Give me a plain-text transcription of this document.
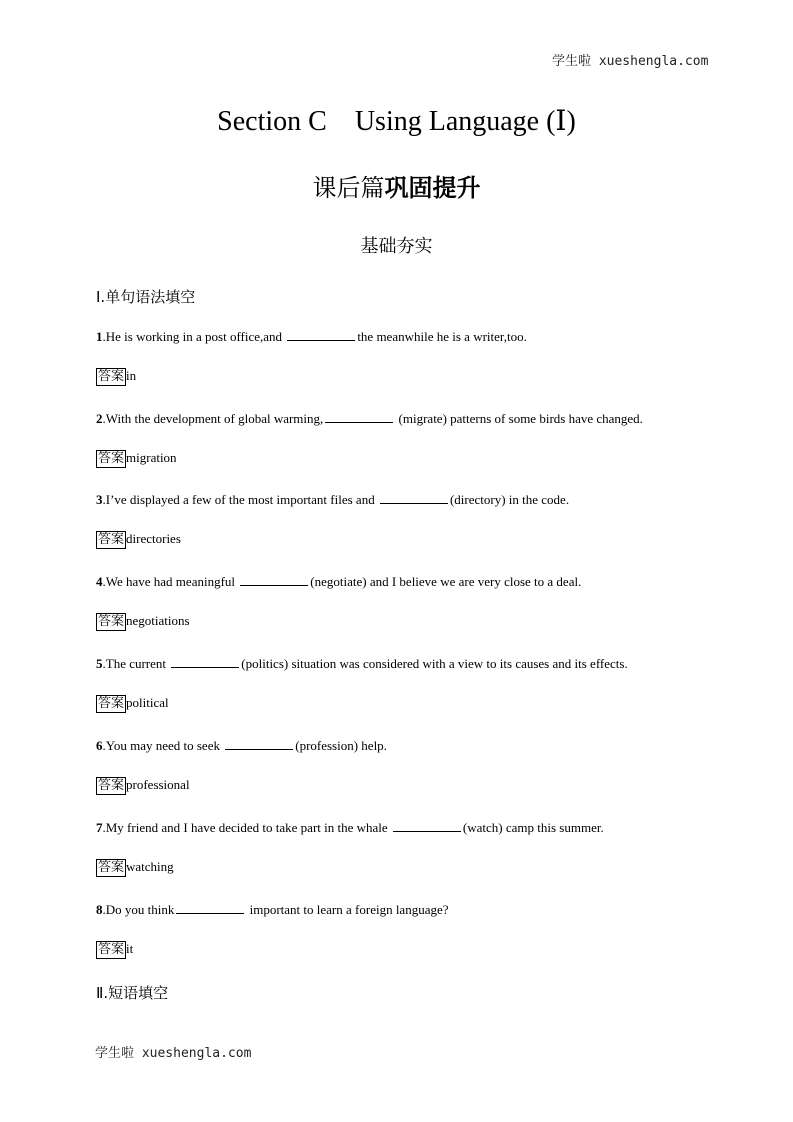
学生啦 xueshengla.com
Section C Using Language (Ⅰ)
课后篇巩固提升
基础夯实
Ⅰ.单句语法填空
1.He is working in a post office,and	the meanwhile he is a writer,too.
答案 in
2.With the development of global warming,	(migrate) patterns of some birds have changed.
答案 migration
3.I’ve displayed a few of the most important files and	(directory) in the code.
答案 directories
4.We have had meaningful	(negotiate) and I believe we are very close to a deal.
答案 negotiations
5.The current	(politics) situation was considered with a view to its causes and its effects.
答案 political
6.You may need to seek	(profession) help.
答案 professional
7.My friend and I have decided to take part in the whale	(watch) camp this summer.
答案 watching
8.Do you think	important to learn a foreign language?
答案 it
Ⅱ.短语填空
学生啦 xueshengla.com
